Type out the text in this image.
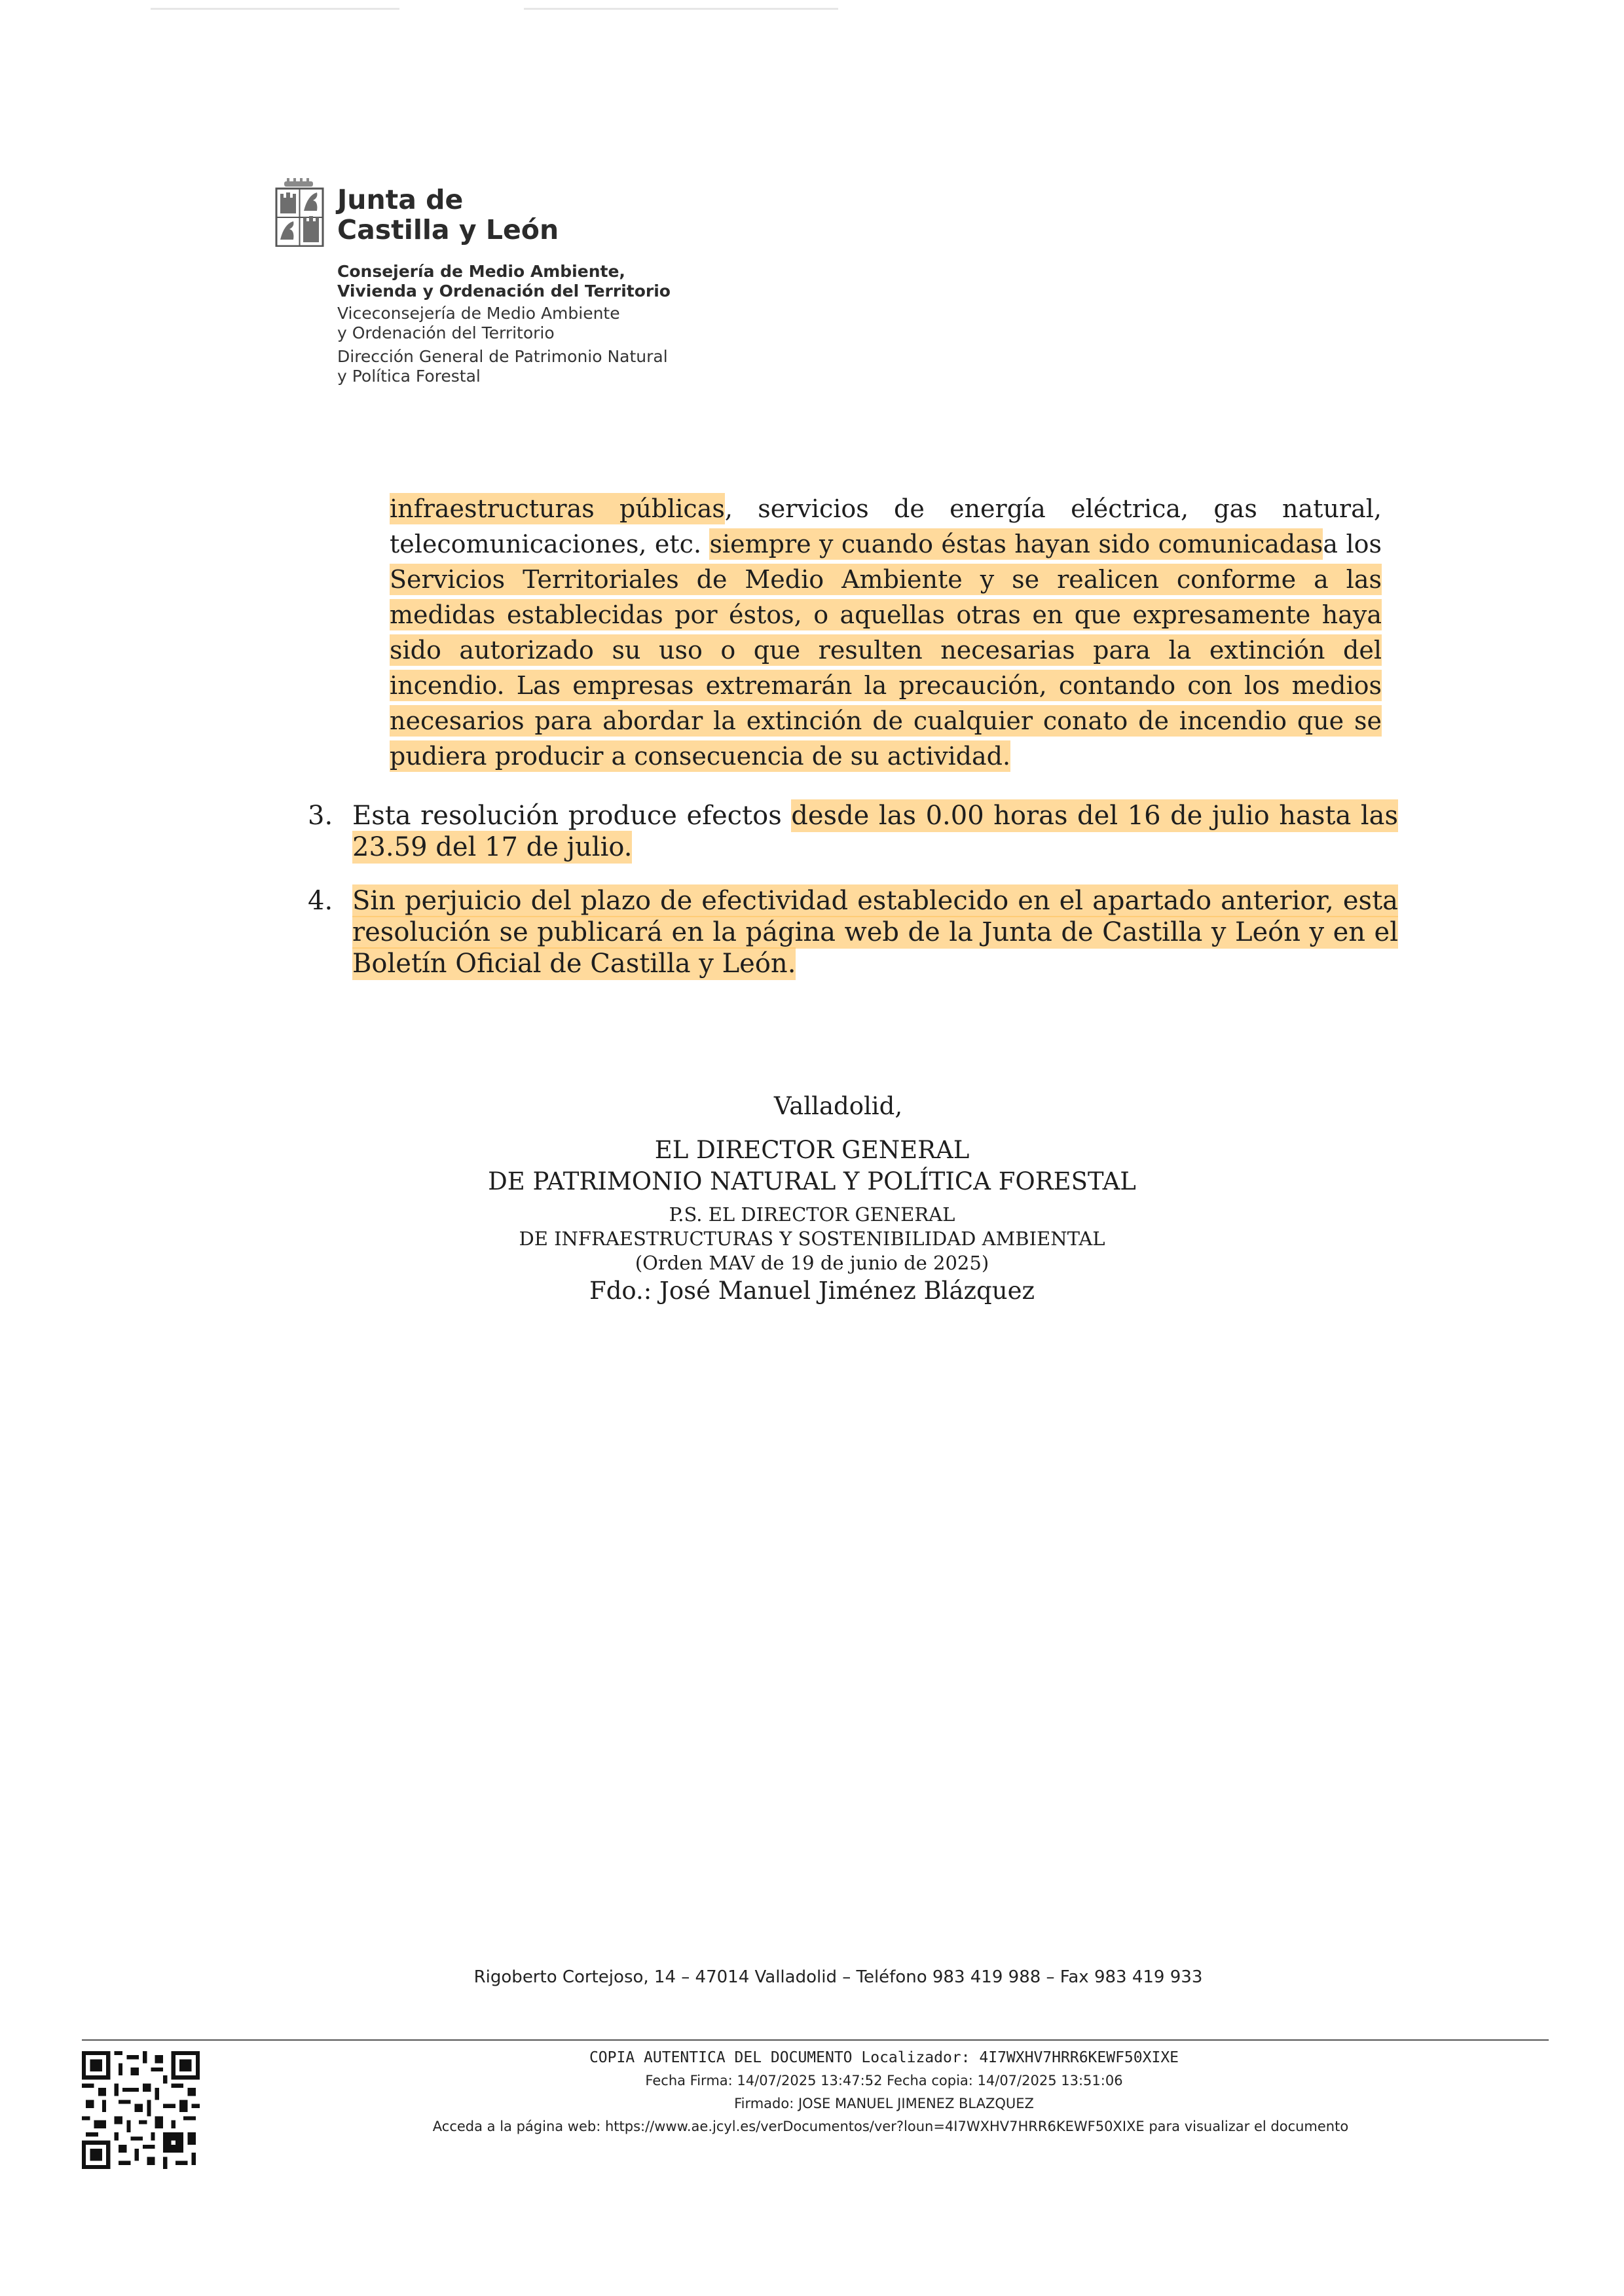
Junta de
Castilla y León
Consejería de Medio Ambiente,
Vivienda y Ordenación del Territorio
Viceconsejería de Medio Ambiente
y Ordenación del Territorio
Dirección General de Patrimonio Natural
y Política Forestal
infraestructuras públicas, servicios de energía eléctrica, gas natural, telecomunicaciones, etc. siempre y cuando éstas hayan sido comunicadasa los Servicios Territoriales de Medio Ambiente y se realicen conforme a las medidas establecidas por éstos, o aquellas otras en que expresamente haya sido autorizado su uso o que resulten necesarias para la extinción del incendio. Las empresas extremarán la precaución, contando con los medios necesarios para abordar la extinción de cualquier conato de incendio que se pudiera producir a consecuencia de su actividad.
3. Esta resolución produce efectos desde las 0.00 horas del 16 de julio hasta las 23.59 del 17 de julio.
4. Sin perjuicio del plazo de efectividad establecido en el apartado anterior, esta resolución se publicará en la página web de la Junta de Castilla y León y en el Boletín Oficial de Castilla y León.
Valladolid,
EL DIRECTOR GENERAL
DE PATRIMONIO NATURAL Y POLÍTICA FORESTAL
P.S. EL DIRECTOR GENERAL
DE INFRAESTRUCTURAS Y SOSTENIBILIDAD AMBIENTAL
(Orden MAV de 19 de junio de 2025)
Fdo.: José Manuel Jiménez Blázquez
Rigoberto Cortejoso, 14 – 47014 Valladolid – Teléfono 983 419 988 – Fax 983 419 933
COPIA AUTENTICA DEL DOCUMENTO Localizador: 4I7WXHV7HRR6KEWF50XIXE
Fecha Firma: 14/07/2025 13:47:52 Fecha copia: 14/07/2025 13:51:06
Firmado: JOSE MANUEL JIMENEZ BLAZQUEZ
Acceda a la página web: https://www.ae.jcyl.es/verDocumentos/ver?loun=4I7WXHV7HRR6KEWF50XIXE para visualizar el documento
